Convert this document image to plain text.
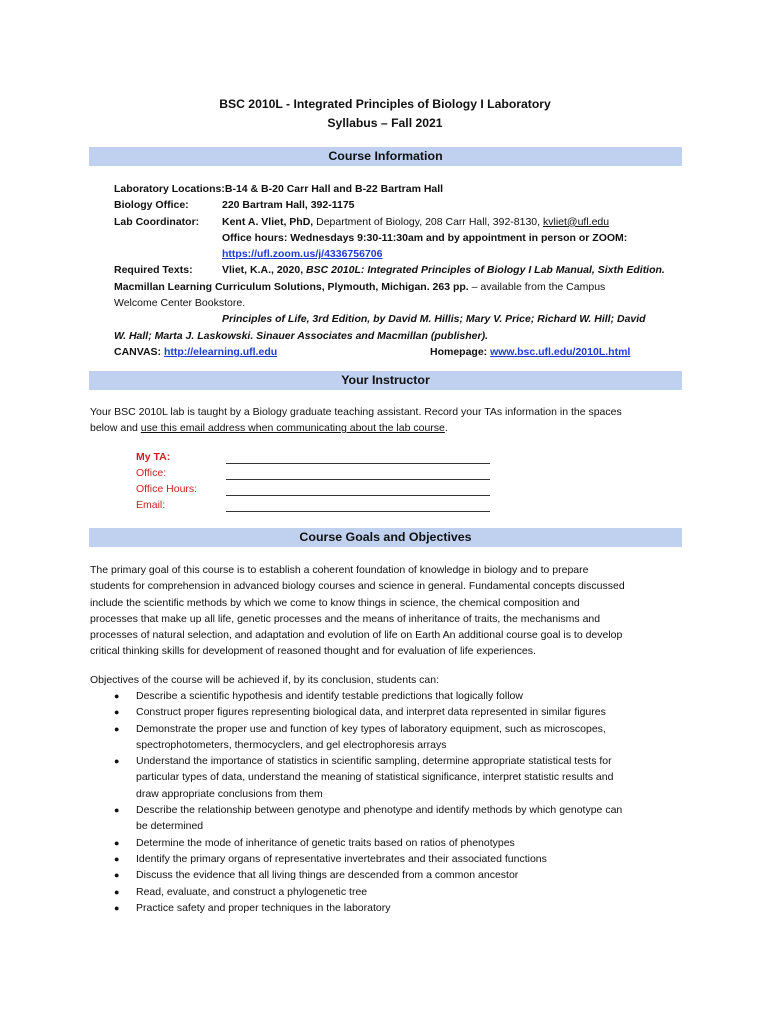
BSC 2010L - Integrated Principles of Biology I Laboratory
Syllabus – Fall 2021
Course Information
Laboratory Locations:B-14 & B-20 Carr Hall and B-22 Bartram Hall
Biology Office:	220 Bartram Hall, 392-1175
Lab Coordinator: Kent A. Vliet, PhD, Department of Biology, 208 Carr Hall, 392-8130, kvliet@ufl.edu
Office hours: Wednesdays 9:30-11:30am and by appointment in person or ZOOM:
https://ufl.zoom.us/j/4336756706
Required Texts:	Vliet, K.A., 2020, BSC 2010L: Integrated Principles of Biology I Lab Manual, Sixth Edition.
Macmillan Learning Curriculum Solutions, Plymouth, Michigan. 263 pp. – available from the Campus
Welcome Center Bookstore.
Principles of Life, 3rd Edition, by David M. Hillis; Mary V. Price; Richard W. Hill; David
W. Hall; Marta J. Laskowski. Sinauer Associates and Macmillan (publisher).
CANVAS: http://elearning.ufl.edu	Homepage: www.bsc.ufl.edu/2010L.html
Your Instructor
Your BSC 2010L lab is taught by a Biology graduate teaching assistant. Record your TAs information in the spaces
below and use this email address when communicating about the lab course.
My TA:
Office:
Office Hours:
Email:
Course Goals and Objectives
The primary goal of this course is to establish a coherent foundation of knowledge in biology and to prepare
students for comprehension in advanced biology courses and science in general. Fundamental concepts discussed
include the scientific methods by which we come to know things in science, the chemical composition and
processes that make up all life, genetic processes and the means of inheritance of traits, the mechanisms and
processes of natural selection, and adaptation and evolution of life on Earth An additional course goal is to develop
critical thinking skills for development of reasoned thought and for evaluation of life experiences.
Objectives of the course will be achieved if, by its conclusion, students can:
● Describe a scientific hypothesis and identify testable predictions that logically follow
● Construct proper figures representing biological data, and interpret data represented in similar figures
● Demonstrate the proper use and function of key types of laboratory equipment, such as microscopes,
spectrophotometers, thermocyclers, and gel electrophoresis arrays
● Understand the importance of statistics in scientific sampling, determine appropriate statistical tests for
particular types of data, understand the meaning of statistical significance, interpret statistic results and
draw appropriate conclusions from them
● Describe the relationship between genotype and phenotype and identify methods by which genotype can
be determined
● Determine the mode of inheritance of genetic traits based on ratios of phenotypes
● Identify the primary organs of representative invertebrates and their associated functions
● Discuss the evidence that all living things are descended from a common ancestor
● Read, evaluate, and construct a phylogenetic tree
● Practice safety and proper techniques in the laboratory
